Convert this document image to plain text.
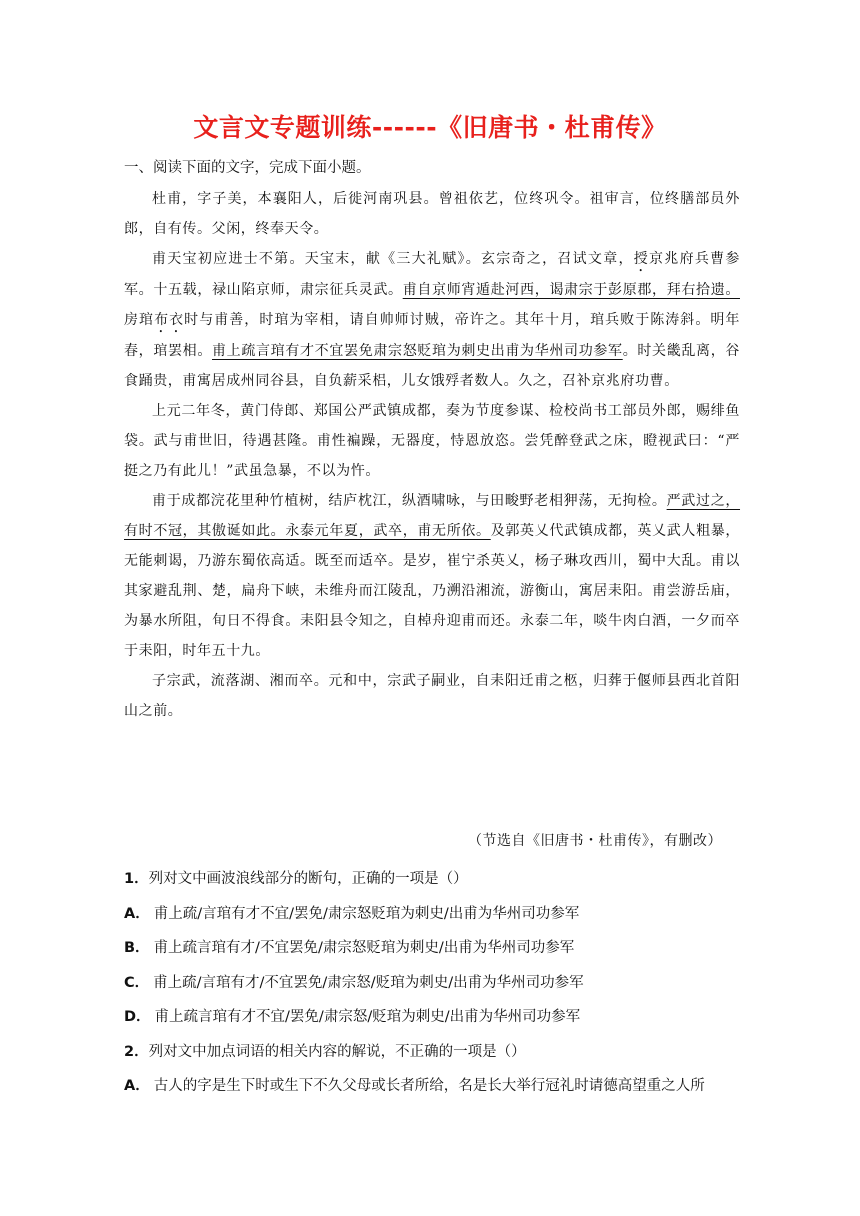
文言文专题训练------《旧唐书・杜甫传》
一、阅读下面的文字，完成下面小题。

杜甫，字子美，本襄阳人，后徙河南巩县。曾祖依艺，位终巩令。祖审言，位终膳部员外郎，自有传。父闲，终奉天令。

甫天宝初应进士不第。天宝末，献《三大礼赋》。玄宗奇之，召试文章，授京兆府兵曹参军。十五载，禄山陷京师，肃宗征兵灵武。甫自京师宵遁赴河西，谒肃宗于彭原郡，拜右拾遗。房琯布衣时与甫善，时琯为宰相，请自帅师讨贼，帝许之。其年十月，琯兵败于陈涛斜。明年春，琯罢相。甫上疏言琯有才不宜罢免肃宗怒贬琯为刺史出甫为华州司功参军。时关畿乱离，谷食踊贵，甫寓居成州同谷县，自负薪采梠，儿女饿殍者数人。久之，召补京兆府功曹。

上元二年冬，黄门侍郎、郑国公严武镇成都，奏为节度参谋、检校尚书工部员外郎，赐绯鱼袋。武与甫世旧，待遇甚隆。甫性褊躁，无器度，恃恩放恣。尝凭醉登武之床，瞪视武曰：“严挺之乃有此儿！”武虽急暴，不以为忤。

甫于成都浣花里种竹植树，结庐枕江，纵酒啸咏，与田畯野老相狎荡，无拘检。严武过之，有时不冠，其傲诞如此。永泰元年夏，武卒，甫无所依。及郭英乂代武镇成都，英乂武人粗暴，无能刺谒，乃游东蜀依高适。既至而适卒。是岁，崔宁杀英乂，杨子琳攻西川，蜀中大乱。甫以其家避乱荆、楚，扁舟下峡，未维舟而江陵乱，乃溯沿湘流，游衡山，寓居耒阳。甫尝游岳庙，为暴水所阻，旬日不得食。耒阳县令知之，自棹舟迎甫而还。永泰二年，啖牛肉白酒，一夕而卒于耒阳，时年五十九。

子宗武，流落湖、湘而卒。元和中，宗武子嗣业，自耒阳迁甫之柩，归葬于偃师县西北首阳山之前。

（节选自《旧唐书・杜甫传》，有删改）
1．列对文中画波浪线部分的断句，正确的一项是（）
A． 甫上疏/言琯有才不宜/罢免/肃宗怒贬琯为刺史/出甫为华州司功参军
B． 甫上疏言琯有才/不宜罢免/肃宗怒贬琯为刺史/出甫为华州司功参军
C． 甫上疏/言琯有才/不宜罢免/肃宗怒/贬琯为刺史/出甫为华州司功参军
D． 甫上疏言琯有才不宜/罢免/肃宗怒/贬琯为刺史/出甫为华州司功参军
2．列对文中加点词语的相关内容的解说，不正确的一项是（）
A． 古人的字是生下时或生下不久父母或长者所给，名是长大举行冠礼时请德高望重之人所
